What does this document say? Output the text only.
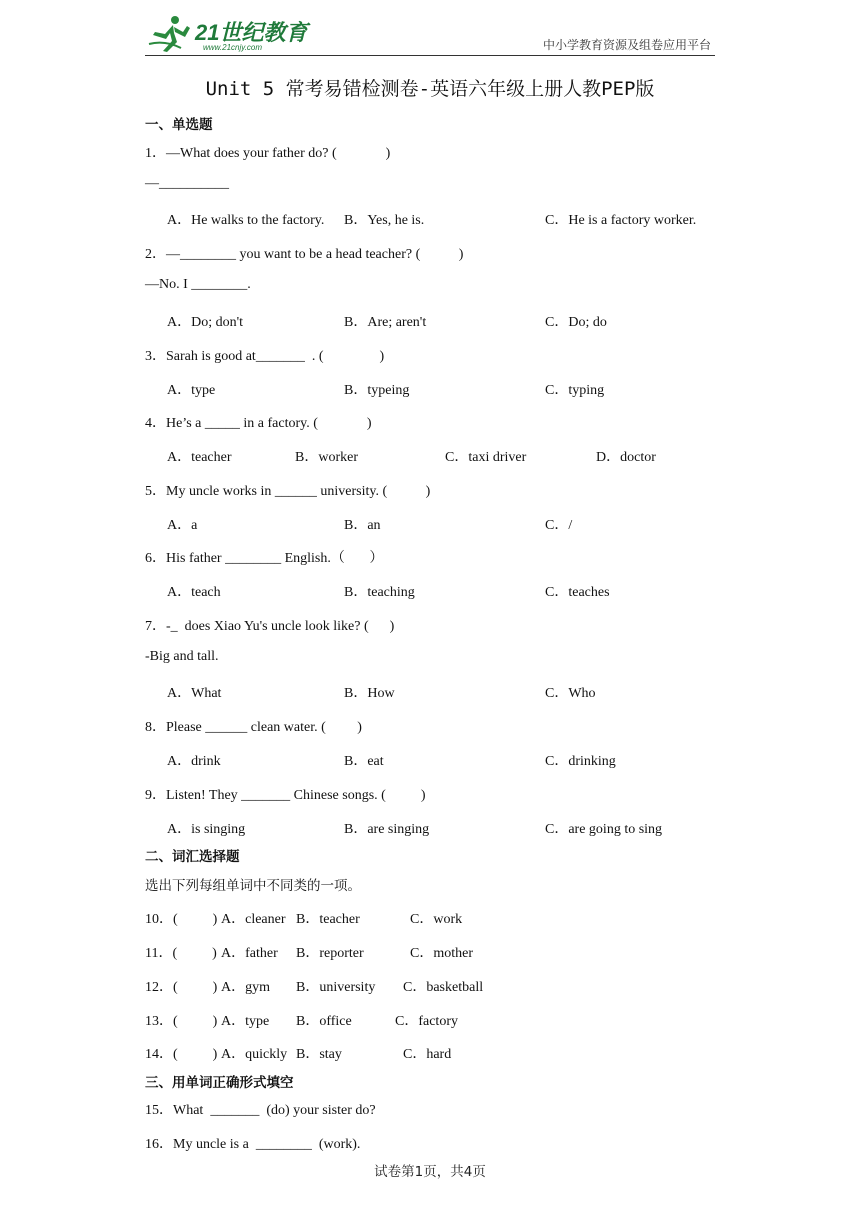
21世纪教育
www.21cnjy.com	中小学教育资源及组卷应用平台
Unit 5 常考易错检测卷-英语六年级上册人教PEP版
一、单选题
1．—What does your father do? (              )
—__________
A．He walks to the factory. B．Yes, he is.	C．He is a factory worker.
2．—________ you want to be a head teacher? (           )
—No. I ________.
A．Do; don't	B．Are; aren't	C．Do; do
3．Sarah is good at_______  . (                )
A．type	B．typeing	C．typing
4．He’s a _____ in a factory. (              )
A．teacher	B．worker	C．taxi driver	D．doctor
5．My uncle works in ______ university. (           )
A．a	B．an	C．/
6．His father ________ English.（       ）
A．teach	B．teaching	C．teaches
7．-_  does Xiao Yu's uncle look like? (      )
-Big and tall.
A．What	B．How	C．Who
8．Please ______ clean water. (         )
A．drink	B．eat	C．drinking
9．Listen! They _______ Chinese songs. (          )
A．is singing	B．are singing	C．are going to sing
二、词汇选择题
选出下列每组单词中不同类的一项。
10．(          ) A．cleaner B．teacher	C．work
11．(          ) A．father B．reporter	C．mother
12．(          ) A．gym B．university C．basketball
13．(          ) A．type B．office	C．factory
14．(          ) A．quickly B．stay	C．hard
三、用单词正确形式填空
15．What  _______  (do) your sister do?
16．My uncle is a  ________  (work).
试卷第1页，共4页
